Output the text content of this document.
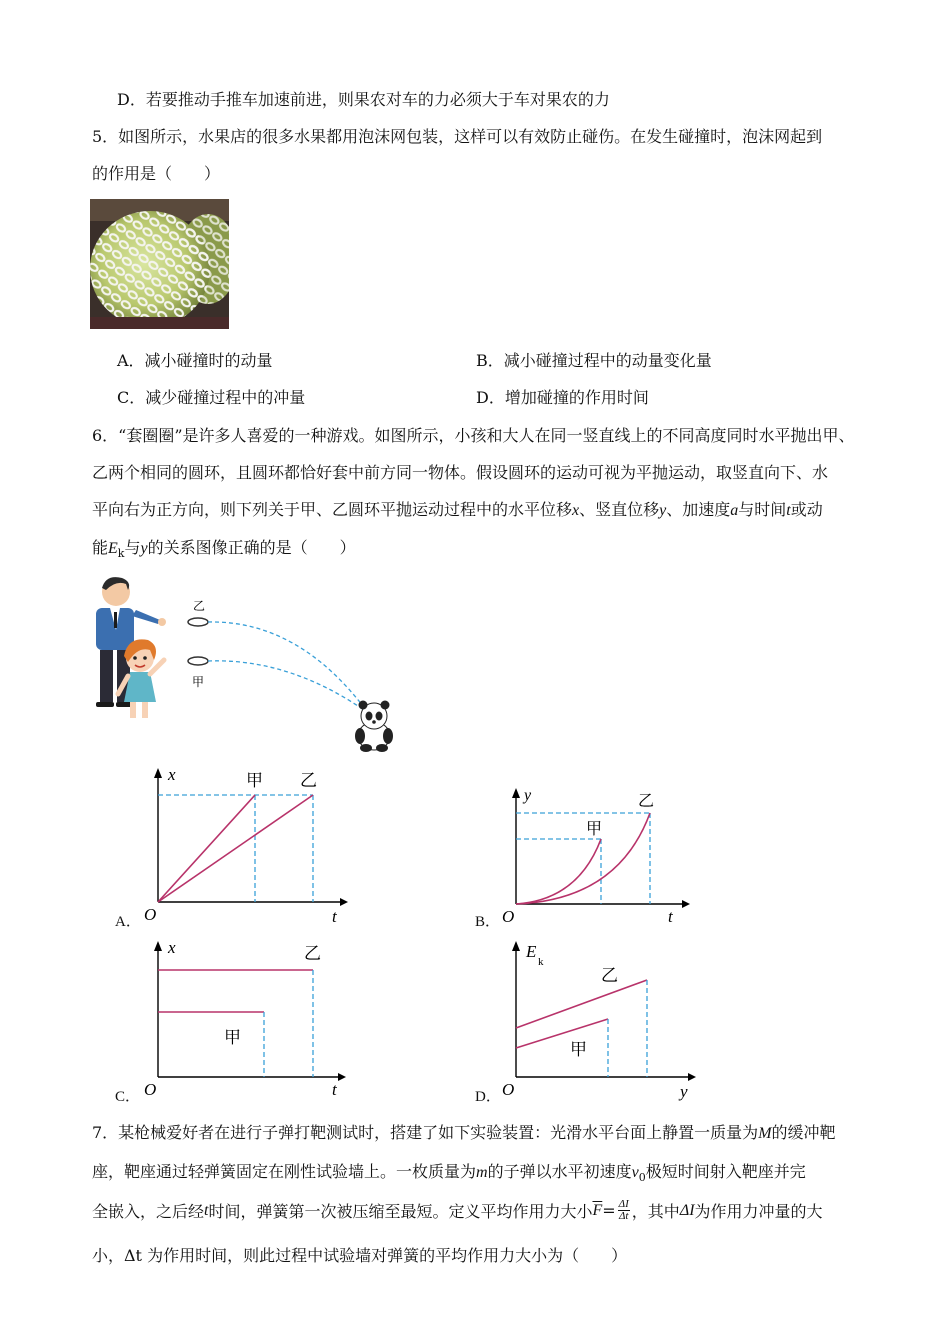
D．若要推动手推车加速前进，则果农对车的力必须大于车对果农的力
5．如图所示，水果店的很多水果都用泡沫网包装，这样可以有效防止碰伤。在发生碰撞时，泡沫网起到
的作用是（　　）
A．减小碰撞时的动量	B．减小碰撞过程中的动量变化量
C．减少碰撞过程中的冲量	D．增加碰撞的作用时间
6．“套圈圈”是许多人喜爱的一种游戏。如图所示，小孩和大人在同一竖直线上的不同高度同时水平抛出甲、
乙两个相同的圆环，且圆环都恰好套中前方同一物体。假设圆环的运动可视为平抛运动，取竖直向下、水
平向右为正方向，则下列关于甲、乙圆环平抛运动过程中的水平位移x、竖直位移y、加速度a与时间t或动
能$E_k$与y的关系图像正确的是（　　）
乙
甲
A．
x
t
O
甲 乙
B．
y
t
O
甲
乙
C．
x
t
O
甲
乙
D．
E
k
y
O
甲
乙
7．某枪械爱好者在进行子弹打靶测试时，搭建了如下实验装置：光滑水平台面上静置一质量为M的缓冲靶
座，靶座通过轻弹簧固定在刚性试验墙上。一枚质量为m的子弹以水平初速度$v_0$极短时间射入靶座并完
全嵌入，之后经 t 时间，弹簧第一次被压缩至最短。定义平均作用力大小 $\overline{F} = \frac{\Delta I}{\Delta t}$ ，其中 ΔI 为作用力冲量的大
小，Δt 为作用时间，则此过程中试验墙对弹簧的平均作用力大小为（　　）
